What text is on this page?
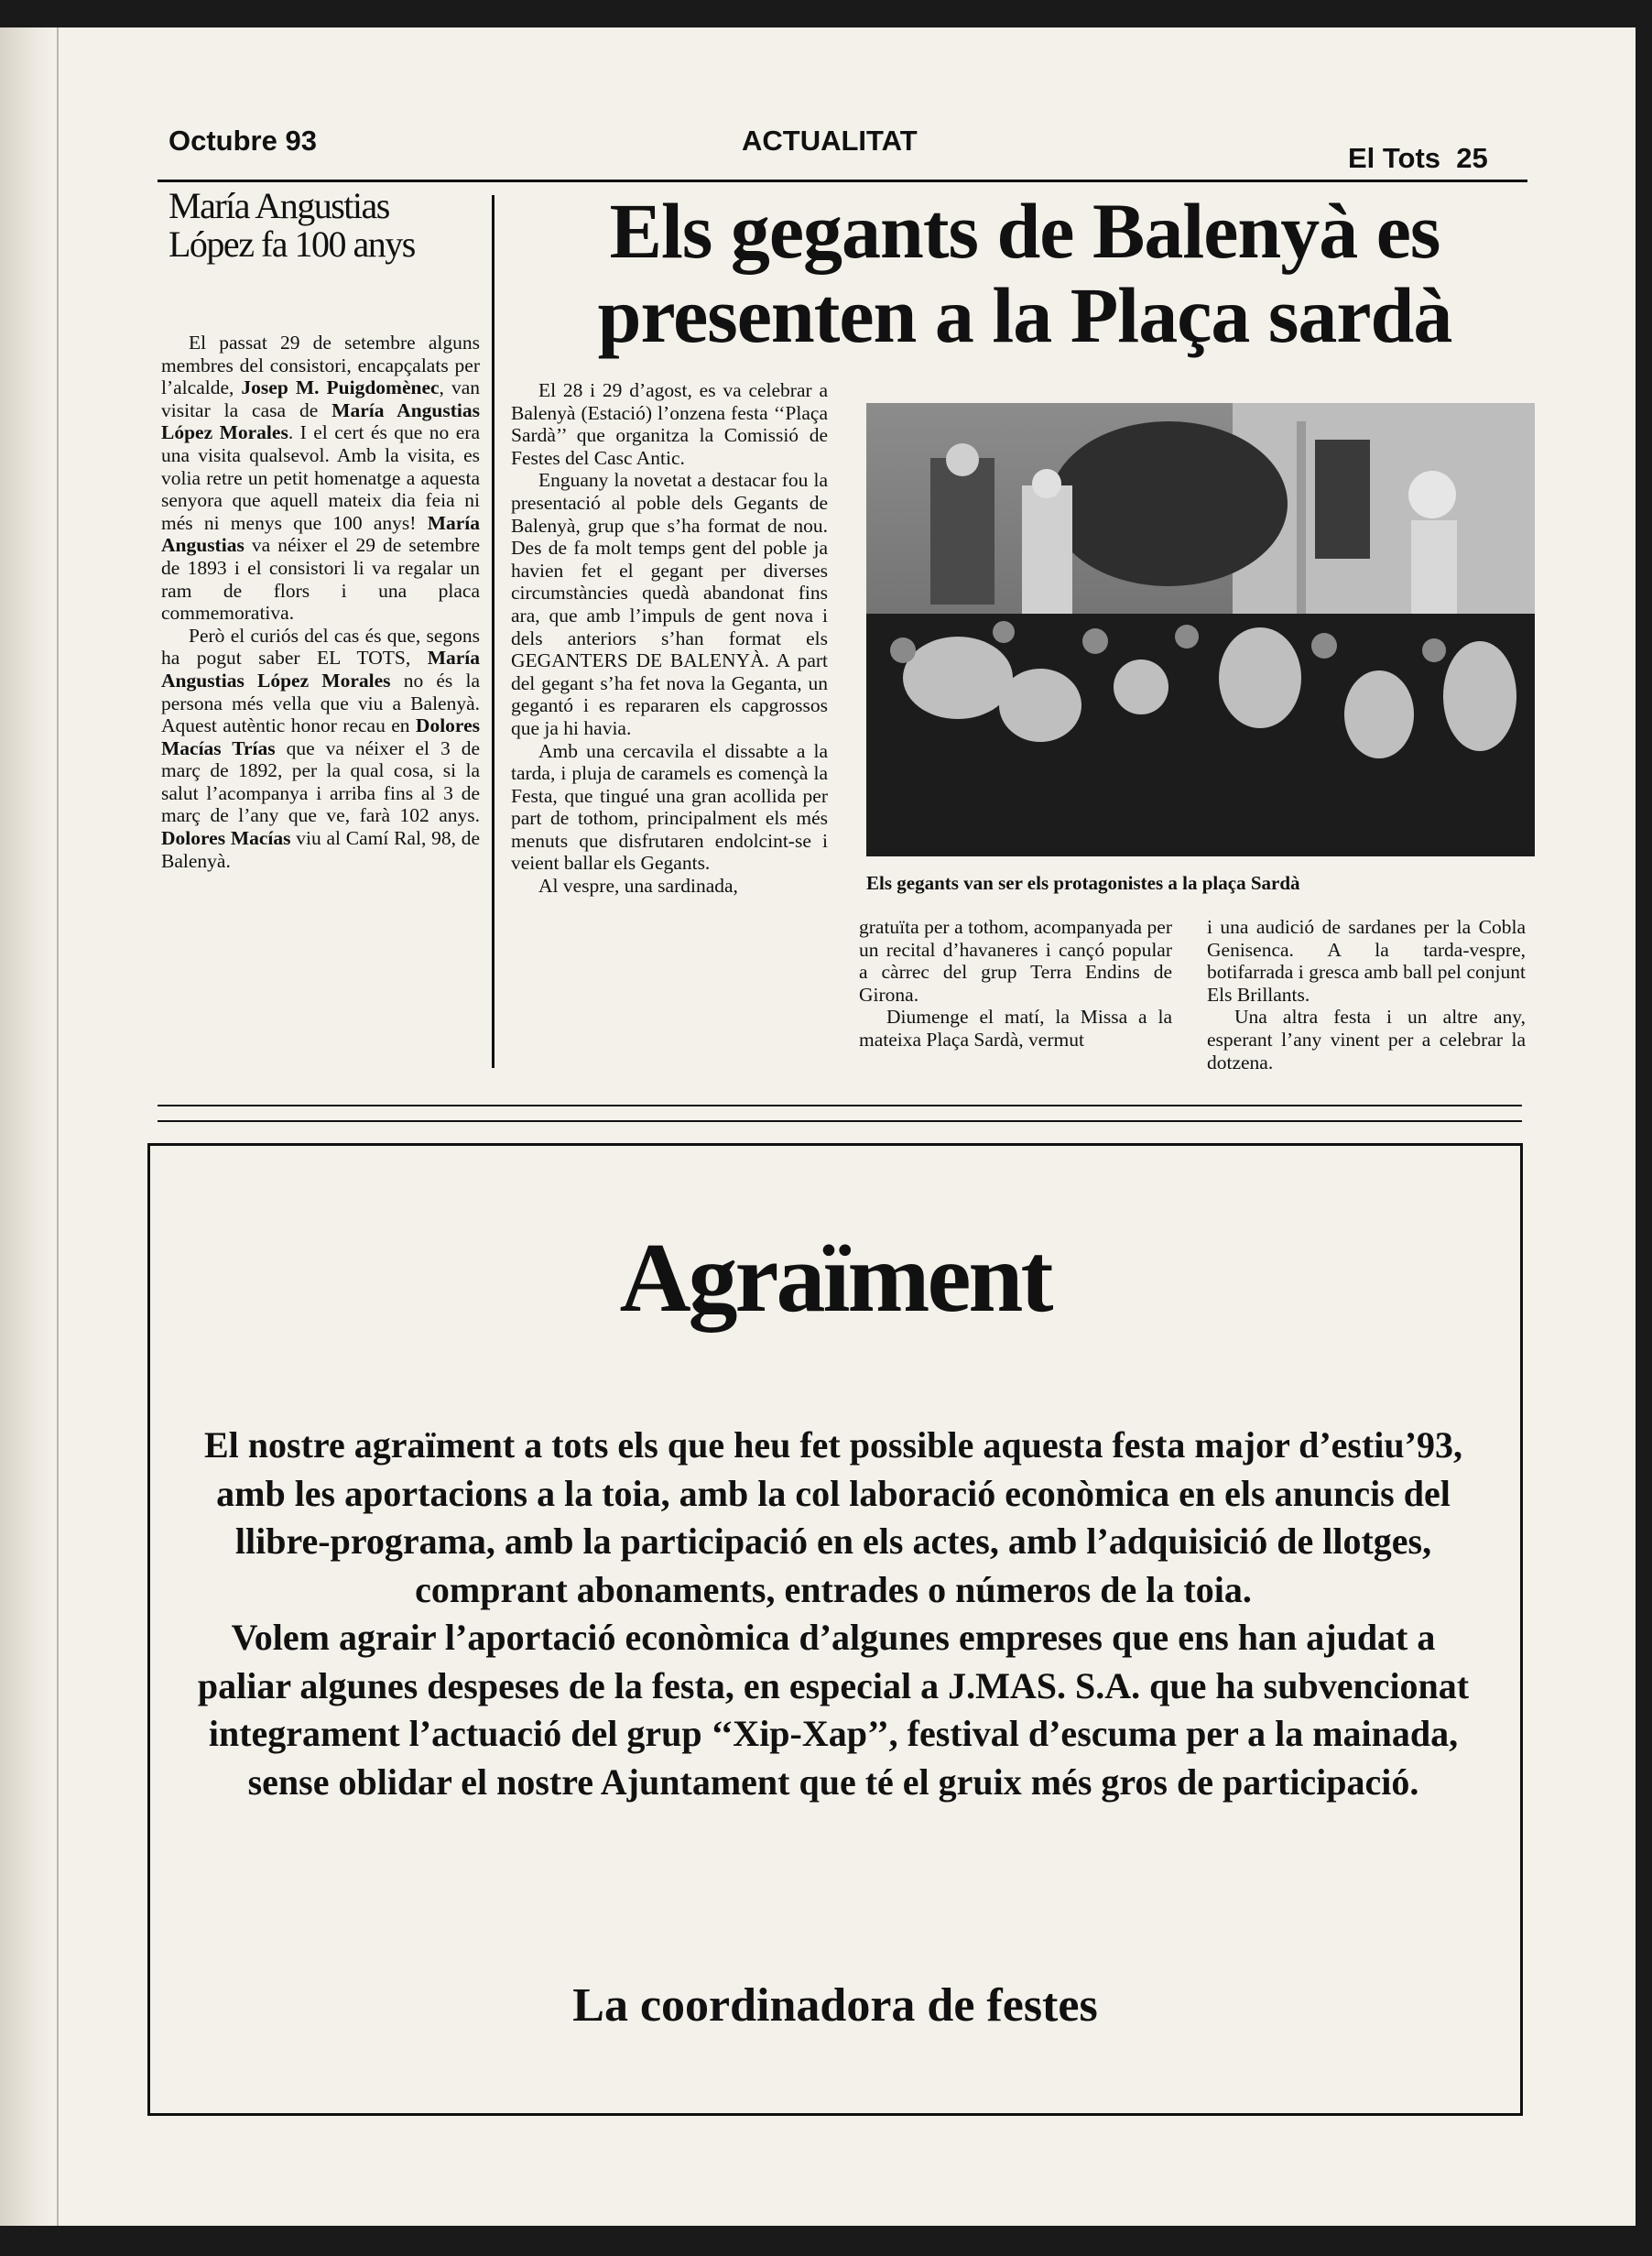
Octubre 93	ACTUALITAT
El Tots 25
María Angustias
López fa 100 anys

El passat 29 de setembre alguns membres del consistori, encapçalats per l’alcalde, Josep M. Puigdomènec, van visitar la casa de María Angustias López Morales. I el cert és que no era una visita qualsevol. Amb la visita, es volia retre un petit homenatge a aquesta senyora que aquell mateix dia feia ni més ni menys que 100 anys! María Angustias va néixer el 29 de setembre de 1893 i el consistori li va regalar un ram de flors i una placa commemorativa.

Però el curiós del cas és que, segons ha pogut saber EL TOTS, María Angustias López Morales no és la persona més vella que viu a Balenyà. Aquest autèntic honor recau en Dolores Macías Trías que va néixer el 3 de març de 1892, per la qual cosa, si la salut l’acompanya i arriba fins al 3 de març de l’any que ve, farà 102 anys. Dolores Macías viu al Camí Ral, 98, de Balenyà.

Els gegants de Balenyà es
presenten a la Plaça sardà

El 28 i 29 d’agost, es va celebrar a Balenyà (Estació) l’onzena festa ‘‘Plaça Sardà’’ que organitza la Comissió de Festes del Casc Antic.

Enguany la novetat a destacar fou la presentació al poble dels Gegants de Balenyà, grup que s’ha format de nou. Des de fa molt temps gent del poble ja havien fet el gegant per diverses circumstàncies quedà abandonat fins ara, que amb l’impuls de gent nova i dels anteriors s’han format els GEGANTERS DE BALENYÀ. A part del gegant s’ha fet nova la Geganta, un gegantó i es repararen els capgrossos que ja hi havia.

Amb una cercavila el dissabte a la tarda, i pluja de caramels es començà la Festa, que tingué una gran acollida per part de tothom, principalment els més menuts que disfrutaren endolcint-se i veient ballar els Gegants.

Al vespre, una sardinada,	Els gegants van ser els protagonistes a la plaça Sardà

gratuïta per a tothom, acompanyada per un recital d’havaneres i cançó popular a càrrec del grup Terra Endins de Girona.

Diumenge el matí, la Missa a la mateixa Plaça Sardà, vermut

i una audició de sardanes per la Cobla Genisenca. A la tarda-vespre, botifarrada i gresca amb ball pel conjunt Els Brillants.

Una altra festa i un altre any, esperant l’any vinent per a celebrar la dotzena.

Agraïment

El nostre agraïment a tots els que heu fet possible aquesta festa major d’estiu’93, amb les aportacions a la toia, amb la col laboració econòmica en els anuncis del llibre-programa, amb la participació en els actes, amb l’adquisició de llotges, comprant abonaments, entrades o números de la toia.

Volem agrair l’aportació econòmica d’algunes empreses que ens han ajudat a paliar algunes despeses de la festa, en especial a J.MAS. S.A. que ha subvencionat integrament l’actuació del grup ‘‘Xip-Xap’’, festival d’escuma per a la mainada, sense oblidar el nostre Ajuntament que té el gruix més gros de participació.

La coordinadora de festes
